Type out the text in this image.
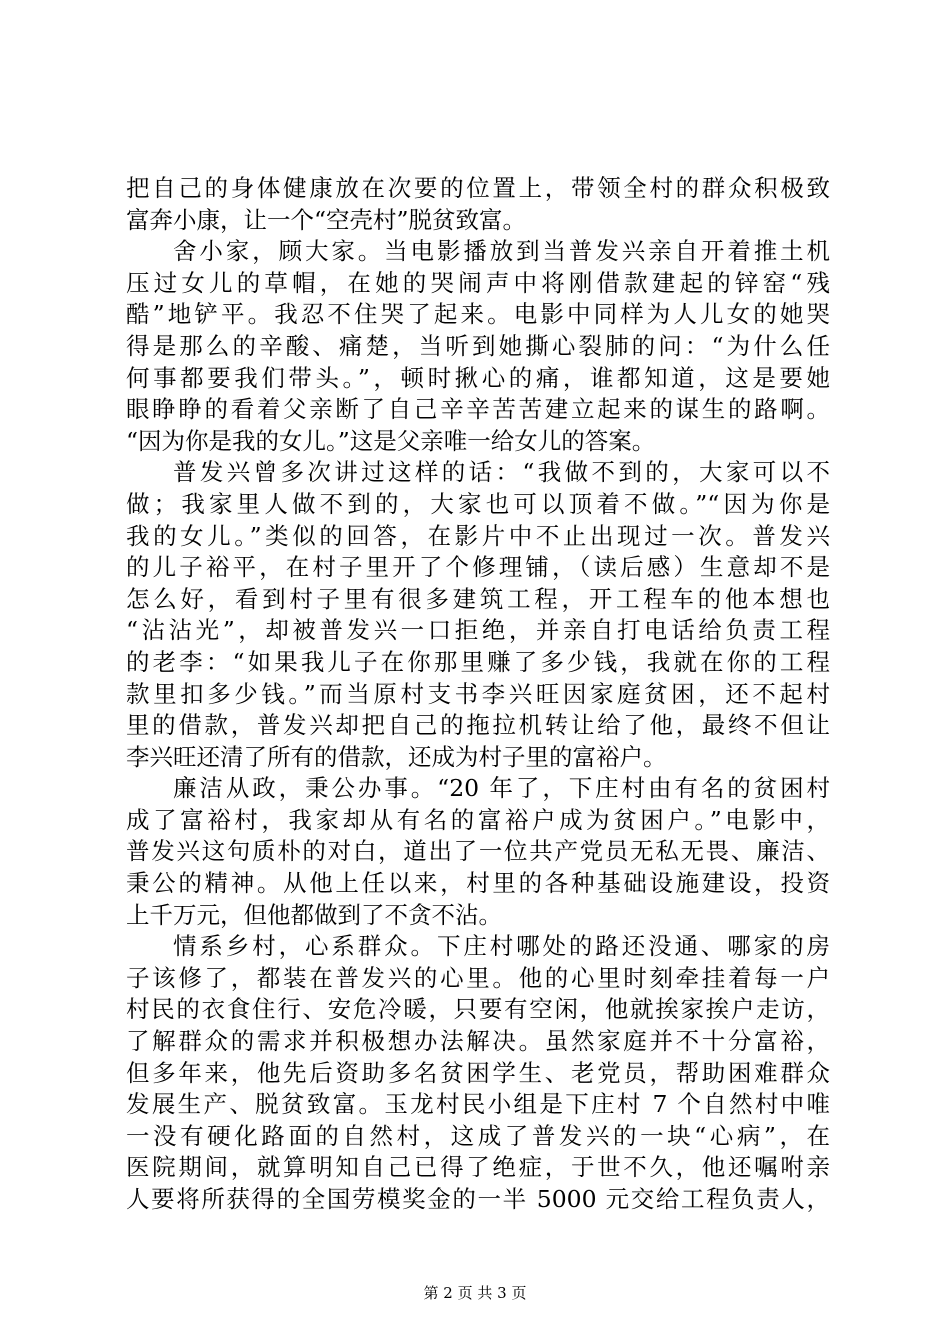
把自己的身体健康放在次要的位置上，带领全村的群众积极致
富奔小康，让一个“空壳村”脱贫致富。
舍小家，顾大家。当电影播放到当普发兴亲自开着推土机
压过女儿的草帽，在她的哭闹声中将刚借款建起的锌窑“残
酷”地铲平。我忍不住哭了起来。电影中同样为人儿女的她哭
得是那么的辛酸、痛楚，当听到她撕心裂肺的问：“为什么任
何事都要我们带头。”，顿时揪心的痛，谁都知道，这是要她
眼睁睁的看着父亲断了自己辛辛苦苦建立起来的谋生的路啊。
“因为你是我的女儿。”这是父亲唯一给女儿的答案。
普发兴曾多次讲过这样的话：“我做不到的，大家可以不
做；我家里人做不到的，大家也可以顶着不做。”“因为你是
我的女儿。”类似的回答，在影片中不止出现过一次。普发兴
的儿子裕平，在村子里开了个修理铺，（读后感）生意却不是
怎么好，看到村子里有很多建筑工程，开工程车的他本想也
“沾沾光”，却被普发兴一口拒绝，并亲自打电话给负责工程
的老李：“如果我儿子在你那里赚了多少钱，我就在你的工程
款里扣多少钱。”而当原村支书李兴旺因家庭贫困，还不起村
里的借款，普发兴却把自己的拖拉机转让给了他，最终不但让
李兴旺还清了所有的借款，还成为村子里的富裕户。
廉洁从政，秉公办事。“20 年了，下庄村由有名的贫困村
成了富裕村，我家却从有名的富裕户成为贫困户。”电影中，
普发兴这句质朴的对白，道出了一位共产党员无私无畏、廉洁、
秉公的精神。从他上任以来，村里的各种基础设施建设，投资
上千万元，但他都做到了不贪不沾。
情系乡村，心系群众。下庄村哪处的路还没通、哪家的房
子该修了，都装在普发兴的心里。他的心里时刻牵挂着每一户
村民的衣食住行、安危冷暖，只要有空闲，他就挨家挨户走访，
了解群众的需求并积极想办法解决。虽然家庭并不十分富裕，
但多年来，他先后资助多名贫困学生、老党员，帮助困难群众
发展生产、脱贫致富。玉龙村民小组是下庄村 7 个自然村中唯
一没有硬化路面的自然村，这成了普发兴的一块“心病”，在
医院期间，就算明知自己已得了绝症，于世不久，他还嘱咐亲
人要将所获得的全国劳模奖金的一半 5000 元交给工程负责人，
第 2 页 共 3 页
